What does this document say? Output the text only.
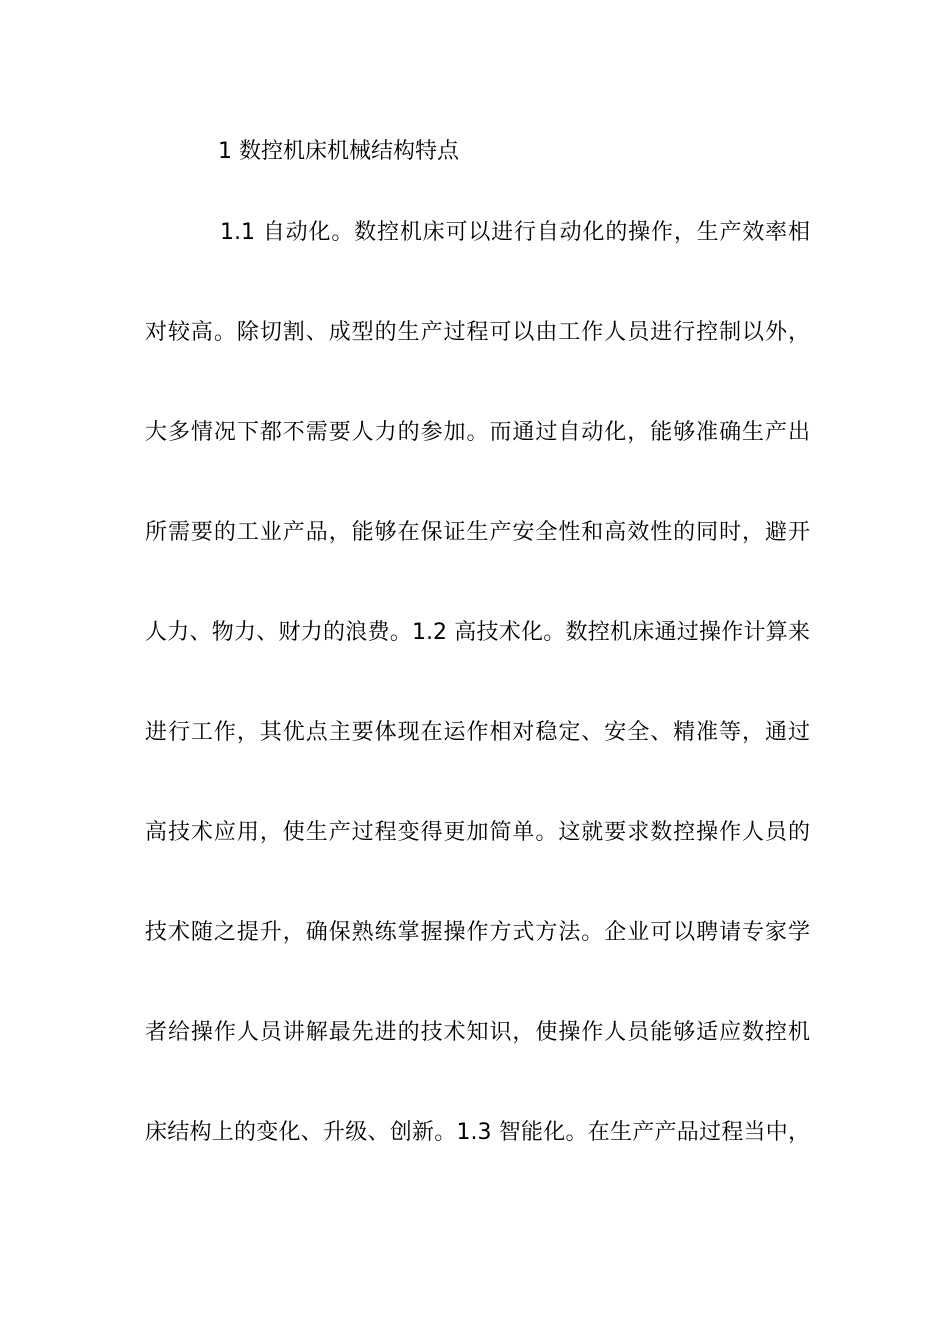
1 数控机床机械结构特点
1.1 自动化。数控机床可以进行自动化的操作，生产效率相
对较高。除切割、成型的生产过程可以由工作人员进行控制以外，
大多情况下都不需要人力的参加。而通过自动化，能够准确生产出
所需要的工业产品，能够在保证生产安全性和高效性的同时，避开
人力、物力、财力的浪费。1.2 高技术化。数控机床通过操作计算来
进行工作，其优点主要体现在运作相对稳定、安全、精准等，通过
高技术应用，使生产过程变得更加简单。这就要求数控操作人员的
技术随之提升，确保熟练掌握操作方式方法。企业可以聘请专家学
者给操作人员讲解最先进的技术知识，使操作人员能够适应数控机
床结构上的变化、升级、创新。1.3 智能化。在生产产品过程当中，
